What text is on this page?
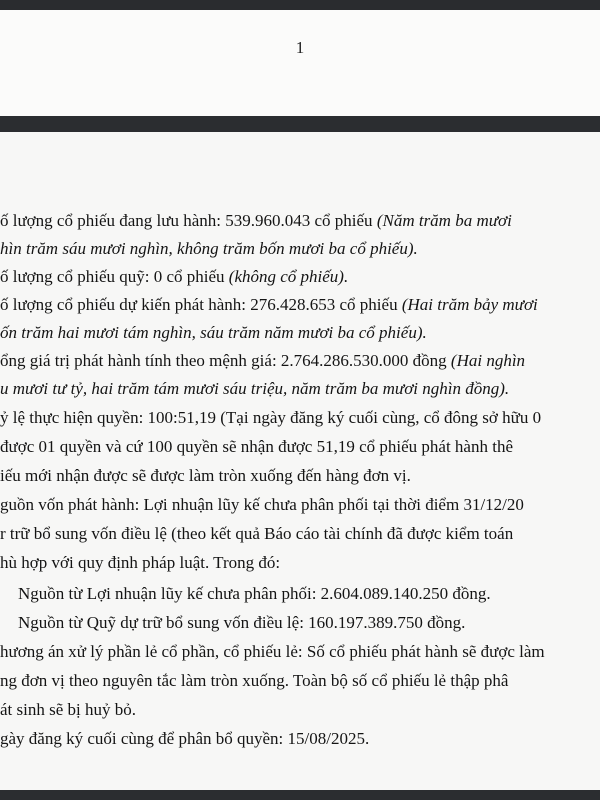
1
ố lượng cổ phiếu đang lưu hành: 539.960.043 cổ phiếu (Năm trăm ba mươi
hìn trăm sáu mươi nghìn, không trăm bốn mươi ba cổ phiếu).
ố lượng cổ phiếu quỹ: 0 cổ phiếu (không cổ phiếu).
ố lượng cổ phiếu dự kiến phát hành: 276.428.653 cổ phiếu (Hai trăm bảy mươi
ốn trăm hai mươi tám nghìn, sáu trăm năm mươi ba cổ phiếu).
ổng giá trị phát hành tính theo mệnh giá: 2.764.286.530.000 đồng (Hai nghìn
u mươi tư tỷ, hai trăm tám mươi sáu triệu, năm trăm ba mươi nghìn đồng).
ỷ lệ thực hiện quyền: 100:51,19 (Tại ngày đăng ký cuối cùng, cổ đông sở hữu 0
được 01 quyền và cứ 100 quyền sẽ nhận được 51,19 cổ phiếu phát hành thê
iếu mới nhận được sẽ được làm tròn xuống đến hàng đơn vị.
guồn vốn phát hành: Lợi nhuận lũy kế chưa phân phối tại thời điểm 31/12/20
r trữ bổ sung vốn điều lệ (theo kết quả Báo cáo tài chính đã được kiểm toán
hù hợp với quy định pháp luật. Trong đó:
Nguồn từ Lợi nhuận lũy kế chưa phân phối: 2.604.089.140.250 đồng.
Nguồn từ Quỹ dự trữ bổ sung vốn điều lệ: 160.197.389.750 đồng.
hương án xử lý phần lẻ cổ phần, cổ phiếu lẻ: Số cổ phiếu phát hành sẽ được làm
ng đơn vị theo nguyên tắc làm tròn xuống. Toàn bộ số cổ phiếu lẻ thập phâ
át sinh sẽ bị huỷ bỏ.
gày đăng ký cuối cùng để phân bổ quyền: 15/08/2025.
